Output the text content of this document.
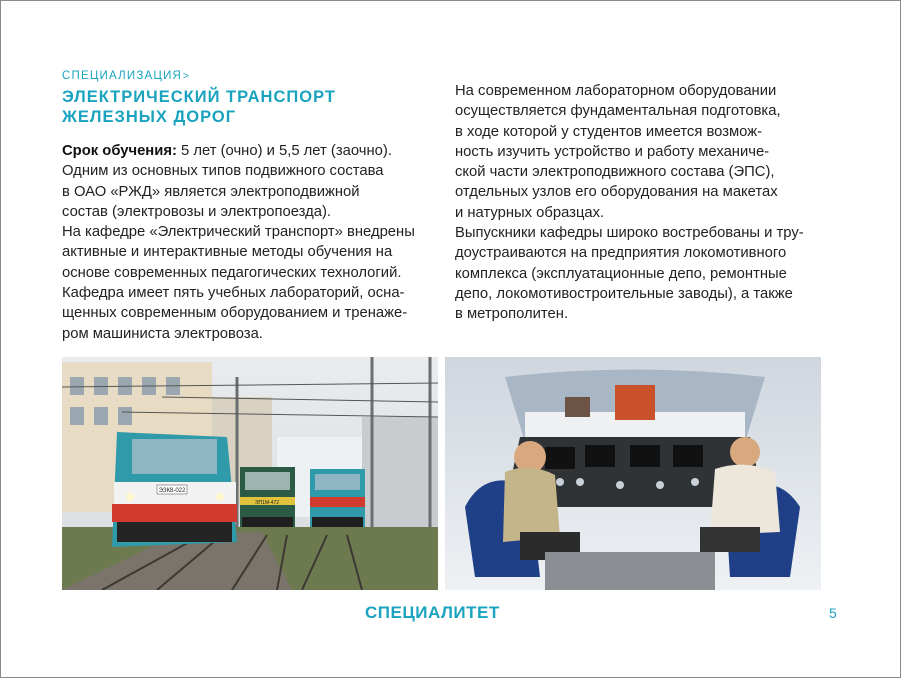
СПЕЦИАЛИЗАЦИЯ>
ЭЛЕКТРИЧЕСКИЙ ТРАНСПОРТ
ЖЕЛЕЗНЫХ ДОРОГ
Срок обучения: 5 лет (очно) и 5,5 лет (заочно).
Одним из основных типов подвижного состава
в ОАО «РЖД» является электроподвижной
состав (электровозы и электропоезда).
На кафедре «Электрический транспорт» внедрены
активные и интерактивные методы обучения на
основе современных педагогических технологий.
Кафедра имеет пять учебных лабораторий, осна-
щенных современным оборудованием и тренаже-
ром машиниста электровоза.
На современном лабораторном оборудовании
осуществляется фундаментальная подготовка,
в ходе которой у студентов имеется возмож-
ность изучить устройство и работу механиче-
ской части электроподвижного состава (ЭПС),
отдельных узлов его оборудования на макетах
и натурных образцах.
Выпускники кафедры широко востребованы и тру-
доустраиваются на предприятия локомотивного
комплекса (эксплуатационные депо, ремонтные
депо, локомотивостроительные заводы), а также
в метрополитен.
ЭЗК8-022
ЭП1М-472
СПЕЦИАЛИТЕТ	5
